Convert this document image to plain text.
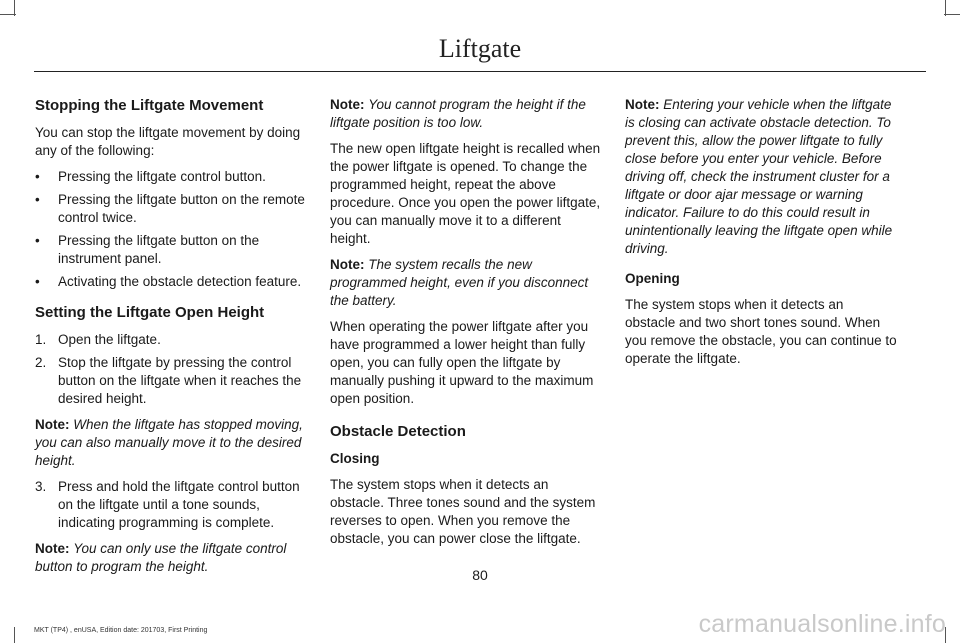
Liftgate
Stopping the Liftgate Movement

You can stop the liftgate movement by doing any of the following:

• Pressing the liftgate control button.
• Pressing the liftgate button on the remote control twice.
• Pressing the liftgate button on the instrument panel.
• Activating the obstacle detection feature.
Setting the Liftgate Open Height
1. Open the liftgate.
2. Stop the liftgate by pressing the control button on the liftgate when it reaches the desired height.

Note: When the liftgate has stopped moving, you can also manually move it to the desired height.

3. Press and hold the liftgate control button on the liftgate until a tone sounds, indicating programming is complete.

Note: You can only use the liftgate control button to program the height.

Note: You cannot program the height if the liftgate position is too low.

The new open liftgate height is recalled when the power liftgate is opened. To change the programmed height, repeat the above procedure. Once you open the power liftgate, you can manually move it to a different height.

Note: The system recalls the new programmed height, even if you disconnect the battery.

When operating the power liftgate after you have programmed a lower height than fully open, you can fully open the liftgate by manually pushing it upward to the maximum open position.

Obstacle Detection
Closing

The system stops when it detects an obstacle. Three tones sound and the system reverses to open. When you remove the obstacle, you can power close the liftgate.

Note: Entering your vehicle when the liftgate is closing can activate obstacle detection. To prevent this, allow the power liftgate to fully close before you enter your vehicle. Before driving off, check the instrument cluster for a liftgate or door ajar message or warning indicator. Failure to do this could result in unintentionally leaving the liftgate open while driving.

Opening

The system stops when it detects an obstacle and two short tones sound. When you remove the obstacle, you can continue to operate the liftgate.

80
MKT (TP4) , enUSA, Edition date: 201703, First Printing	carmanualsonline.info
